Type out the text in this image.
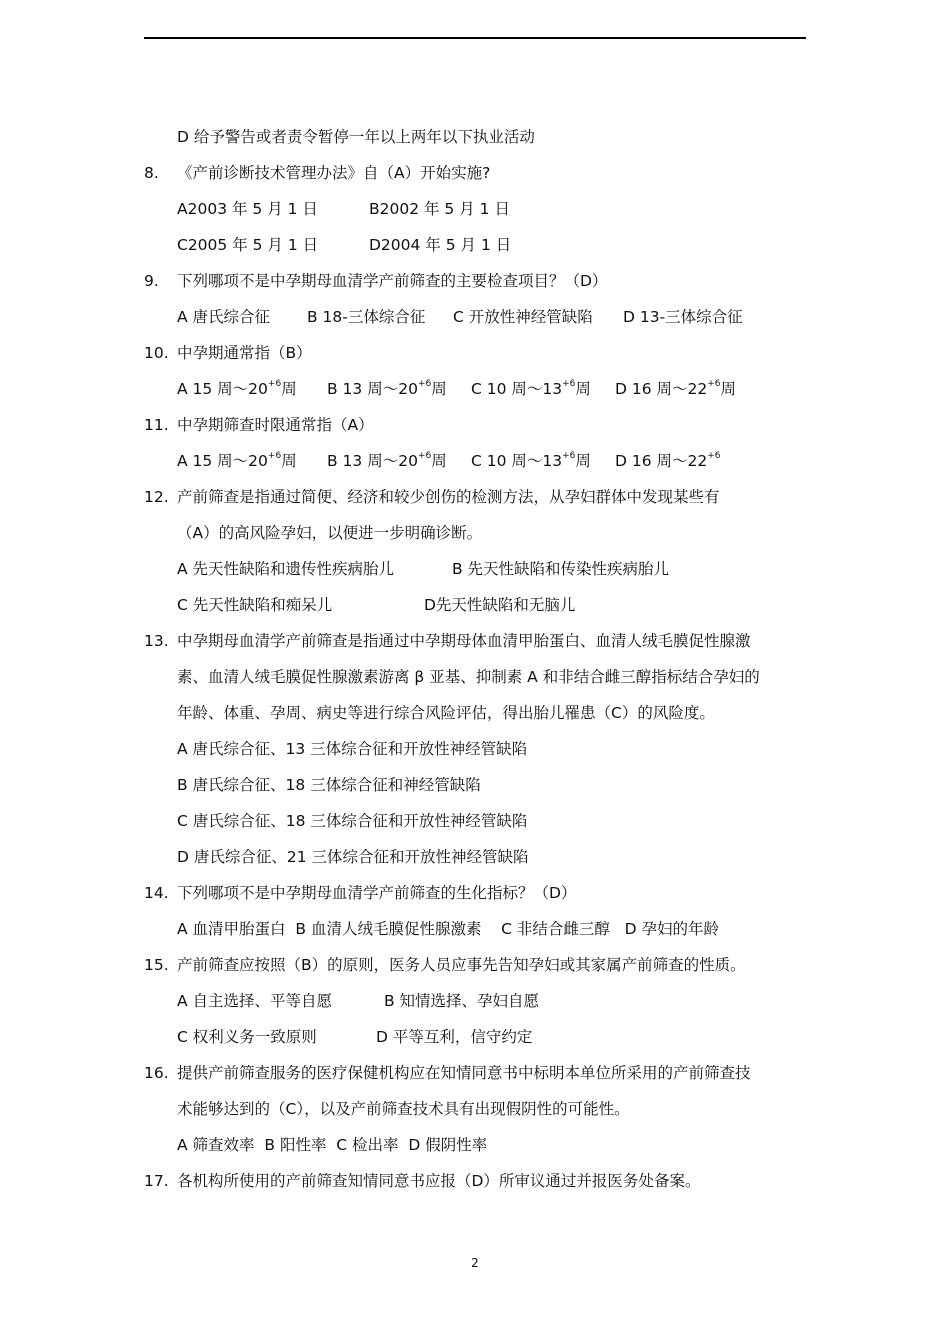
D 给予警告或者责令暂停一年以上两年以下执业活动
8.	《产前诊断技术管理办法》自（A）开始实施?
A2003 年 5 月 1 日	B2002 年 5 月 1 日
C2005 年 5 月 1 日	D2004 年 5 月 1 日
9.	下列哪项不是中孕期母血清学产前筛查的主要检查项目？（D）
A 唐氏综合征 B 18-三体综合征 C 开放性神经管缺陷 D 13-三体综合征
10. 中孕期通常指（B）
A 15 周$\sim 20^{+6}$周 B 13 周$\sim 20^{+6}$周 C 10 周$\sim 13^{+6}$周 D 16 周$\sim 22^{+6}$周
11. 中孕期筛查时限通常指（A）
A 15 周$\sim 20^{+6}$周 B 13 周$\sim 20^{+6}$周 C 10 周$\sim 13^{+6}$周 D 16 周$\sim 22^{+6}$
12. 产前筛查是指通过简便、经济和较少创伤的检测方法，从孕妇群体中发现某些有
（A）的高风险孕妇，以便进一步明确诊断。
A 先天性缺陷和遗传性疾病胎儿	B 先天性缺陷和传染性疾病胎儿
C 先天性缺陷和痴呆儿	D先天性缺陷和无脑儿
13. 中孕期母血清学产前筛查是指通过中孕期母体血清甲胎蛋白、血清人绒毛膜促性腺激
素、血清人绒毛膜促性腺激素游离 β 亚基、抑制素 A 和非结合雌三醇指标结合孕妇的
年龄、体重、孕周、病史等进行综合风险评估，得出胎儿罹患（C）的风险度。
A 唐氏综合征、13 三体综合征和开放性神经管缺陷
B 唐氏综合征、18 三体综合征和神经管缺陷
C 唐氏综合征、18 三体综合征和开放性神经管缺陷
D 唐氏综合征、21 三体综合征和开放性神经管缺陷
14. 下列哪项不是中孕期母血清学产前筛查的生化指标？（D）
A 血清甲胎蛋白  B 血清人绒毛膜促性腺激素    C 非结合雌三醇   D 孕妇的年龄
15. 产前筛查应按照（B）的原则，医务人员应事先告知孕妇或其家属产前筛查的性质。
A 自主选择、平等自愿	B 知情选择、孕妇自愿
C 权利义务一致原则	D 平等互利，信守约定
16. 提供产前筛查服务的医疗保健机构应在知情同意书中标明本单位所采用的产前筛查技
术能够达到的（C），以及产前筛查技术具有出现假阴性的可能性。
A 筛查效率  B 阳性率  C 检出率  D 假阴性率
17. 各机构所使用的产前筛查知情同意书应报（D）所审议通过并报医务处备案。
2
